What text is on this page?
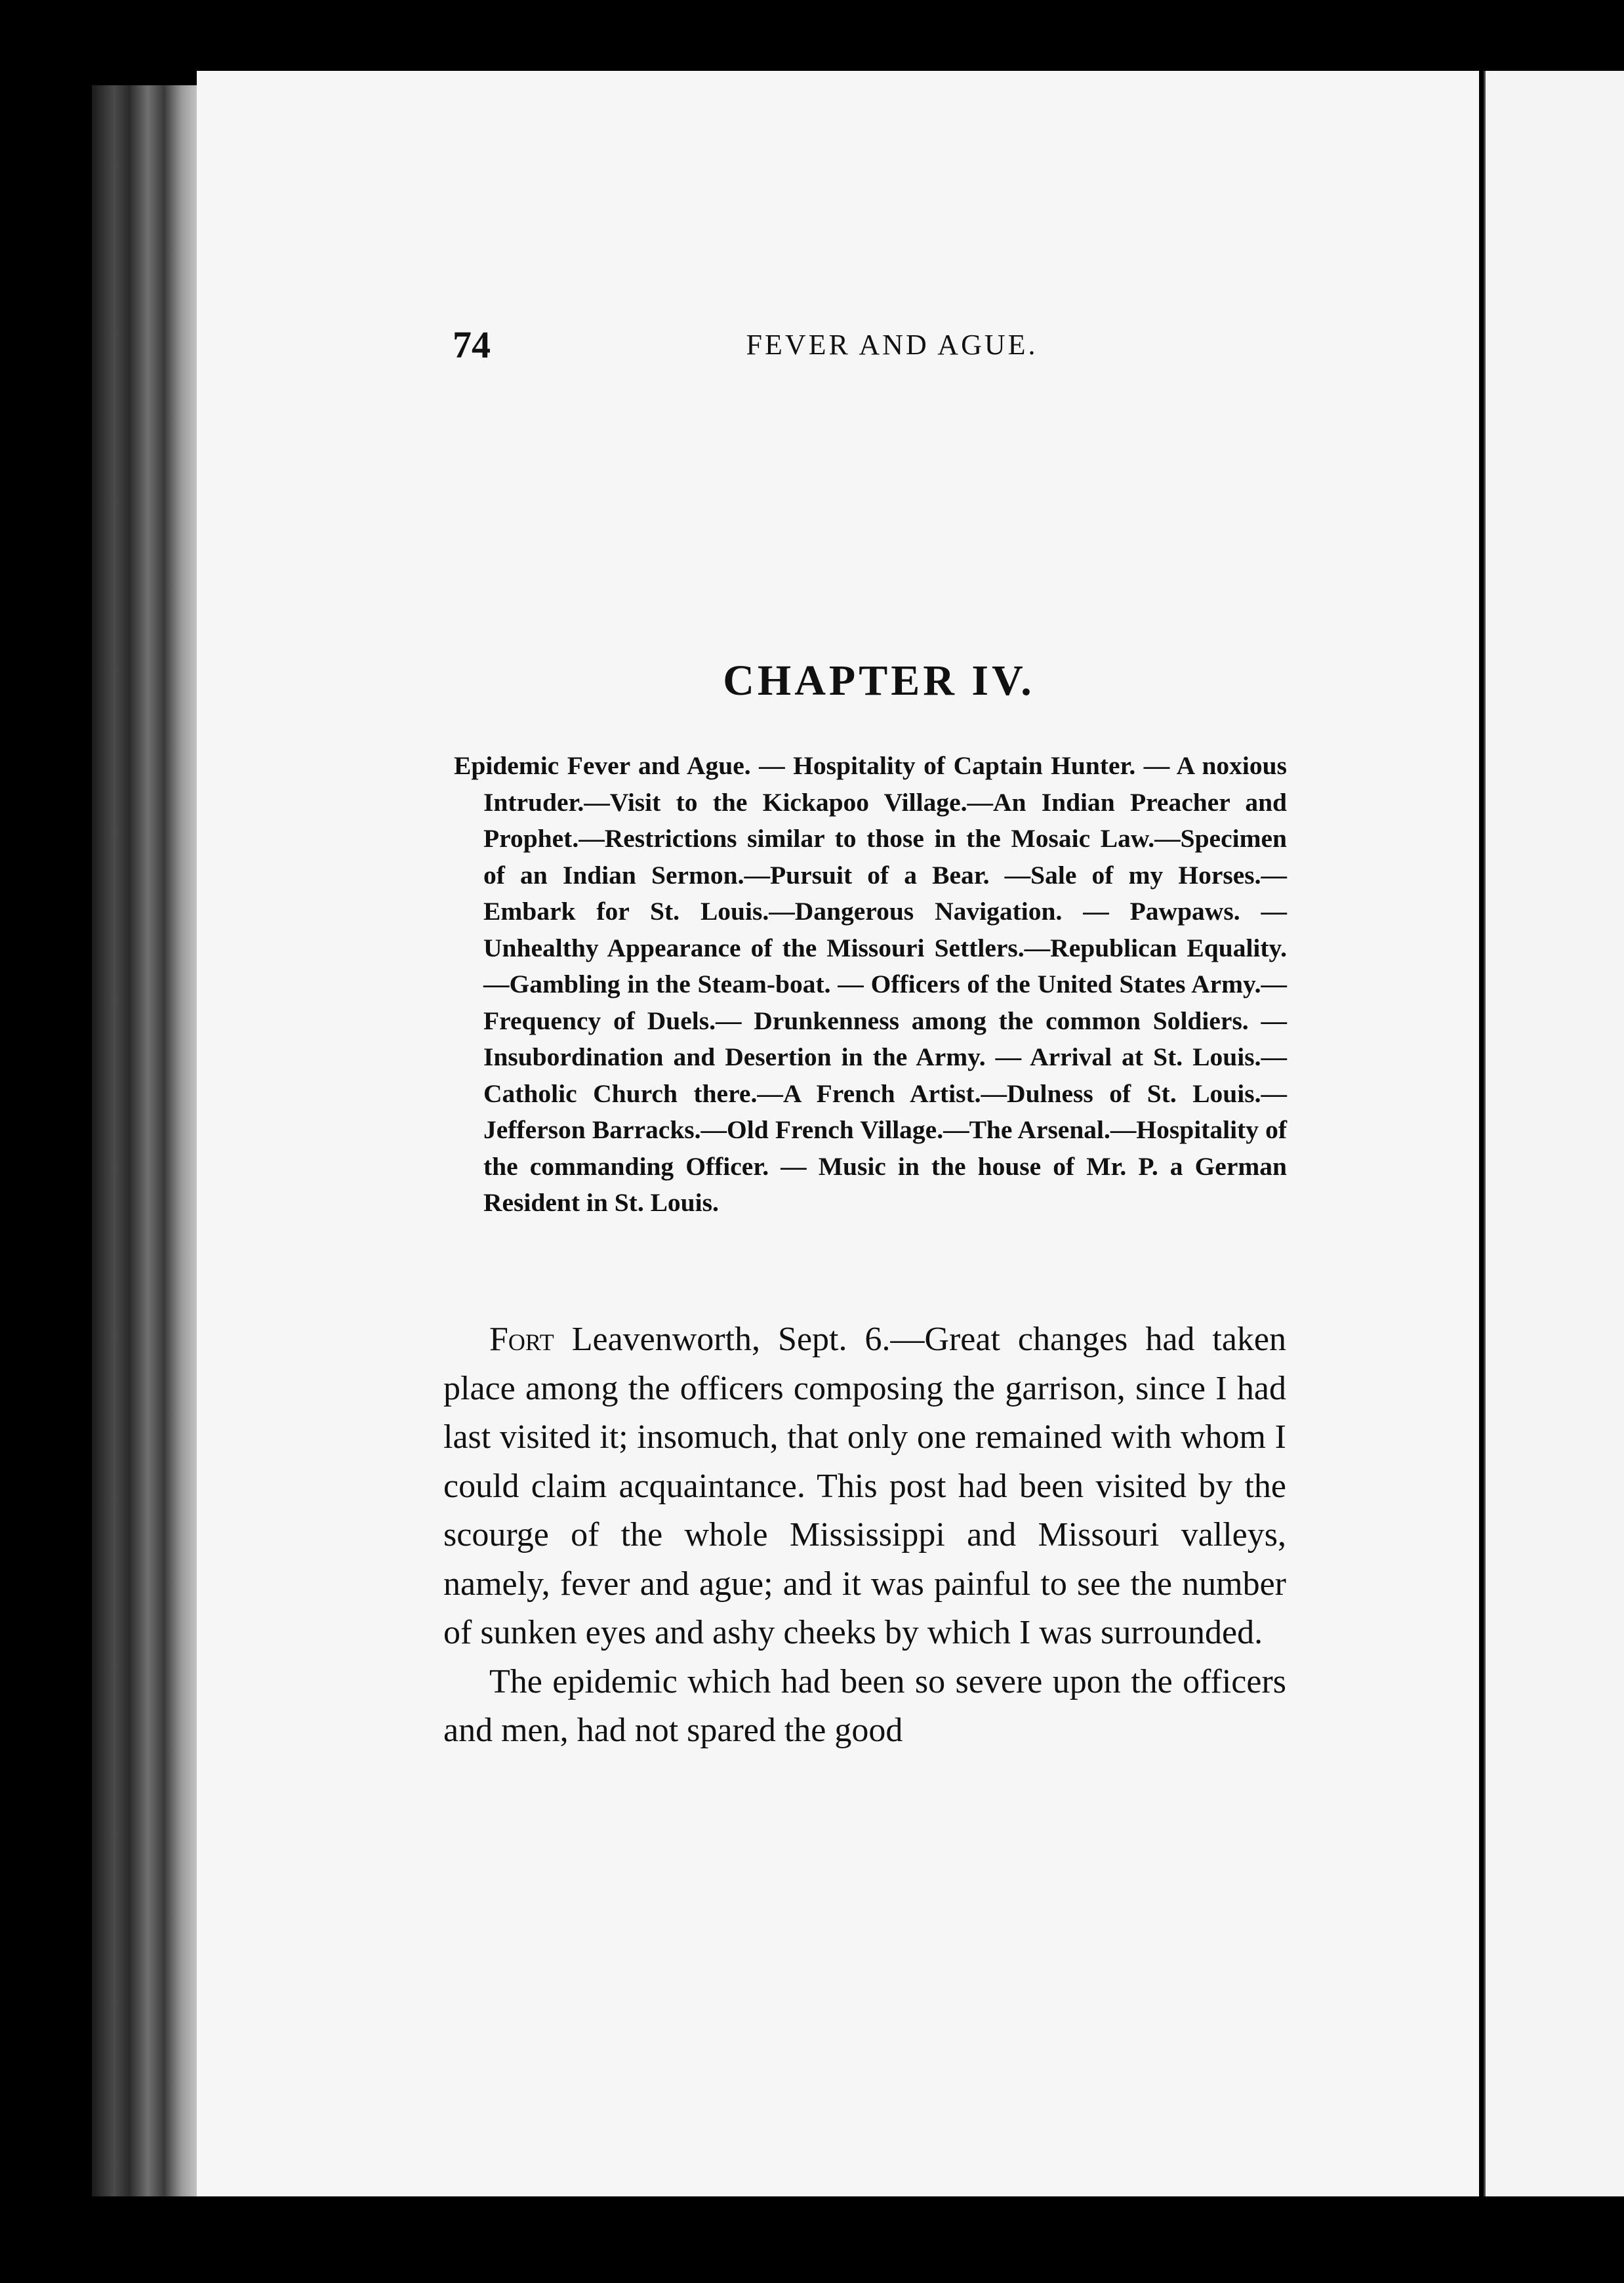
74	FEVER AND AGUE.
CHAPTER IV.
Epidemic Fever and Ague. — Hospitality of Captain Hunter. — A noxious Intruder.—Visit to the Kickapoo Village.—An Indian Preacher and Prophet.—Restrictions similar to those in the Mosaic Law.—Specimen of an Indian Sermon.—Pursuit of a Bear. —Sale of my Horses.—Embark for St. Louis.—Dangerous Navigation. — Pawpaws. — Unhealthy Appearance of the Missouri Settlers.—Republican Equality.—Gambling in the Steam-boat. — Officers of the United States Army.—Frequency of Duels.— Drunkenness among the common Soldiers. — Insubordination and Desertion in the Army. — Arrival at St. Louis.—Catholic Church there.—A French Artist.—Dulness of St. Louis.—Jefferson Barracks.—Old French Village.—The Arsenal.—Hospitality of the commanding Officer. — Music in the house of Mr. P. a German Resident in St. Louis.

Fort Leavenworth, Sept. 6.—Great changes had taken place among the officers composing the garrison, since I had last visited it; insomuch, that only one remained with whom I could claim acquaintance. This post had been visited by the scourge of the whole Mississippi and Missouri valleys, namely, fever and ague; and it was painful to see the number of sunken eyes and ashy cheeks by which I was surrounded.

The epidemic which had been so severe upon the officers and men, had not spared the good
